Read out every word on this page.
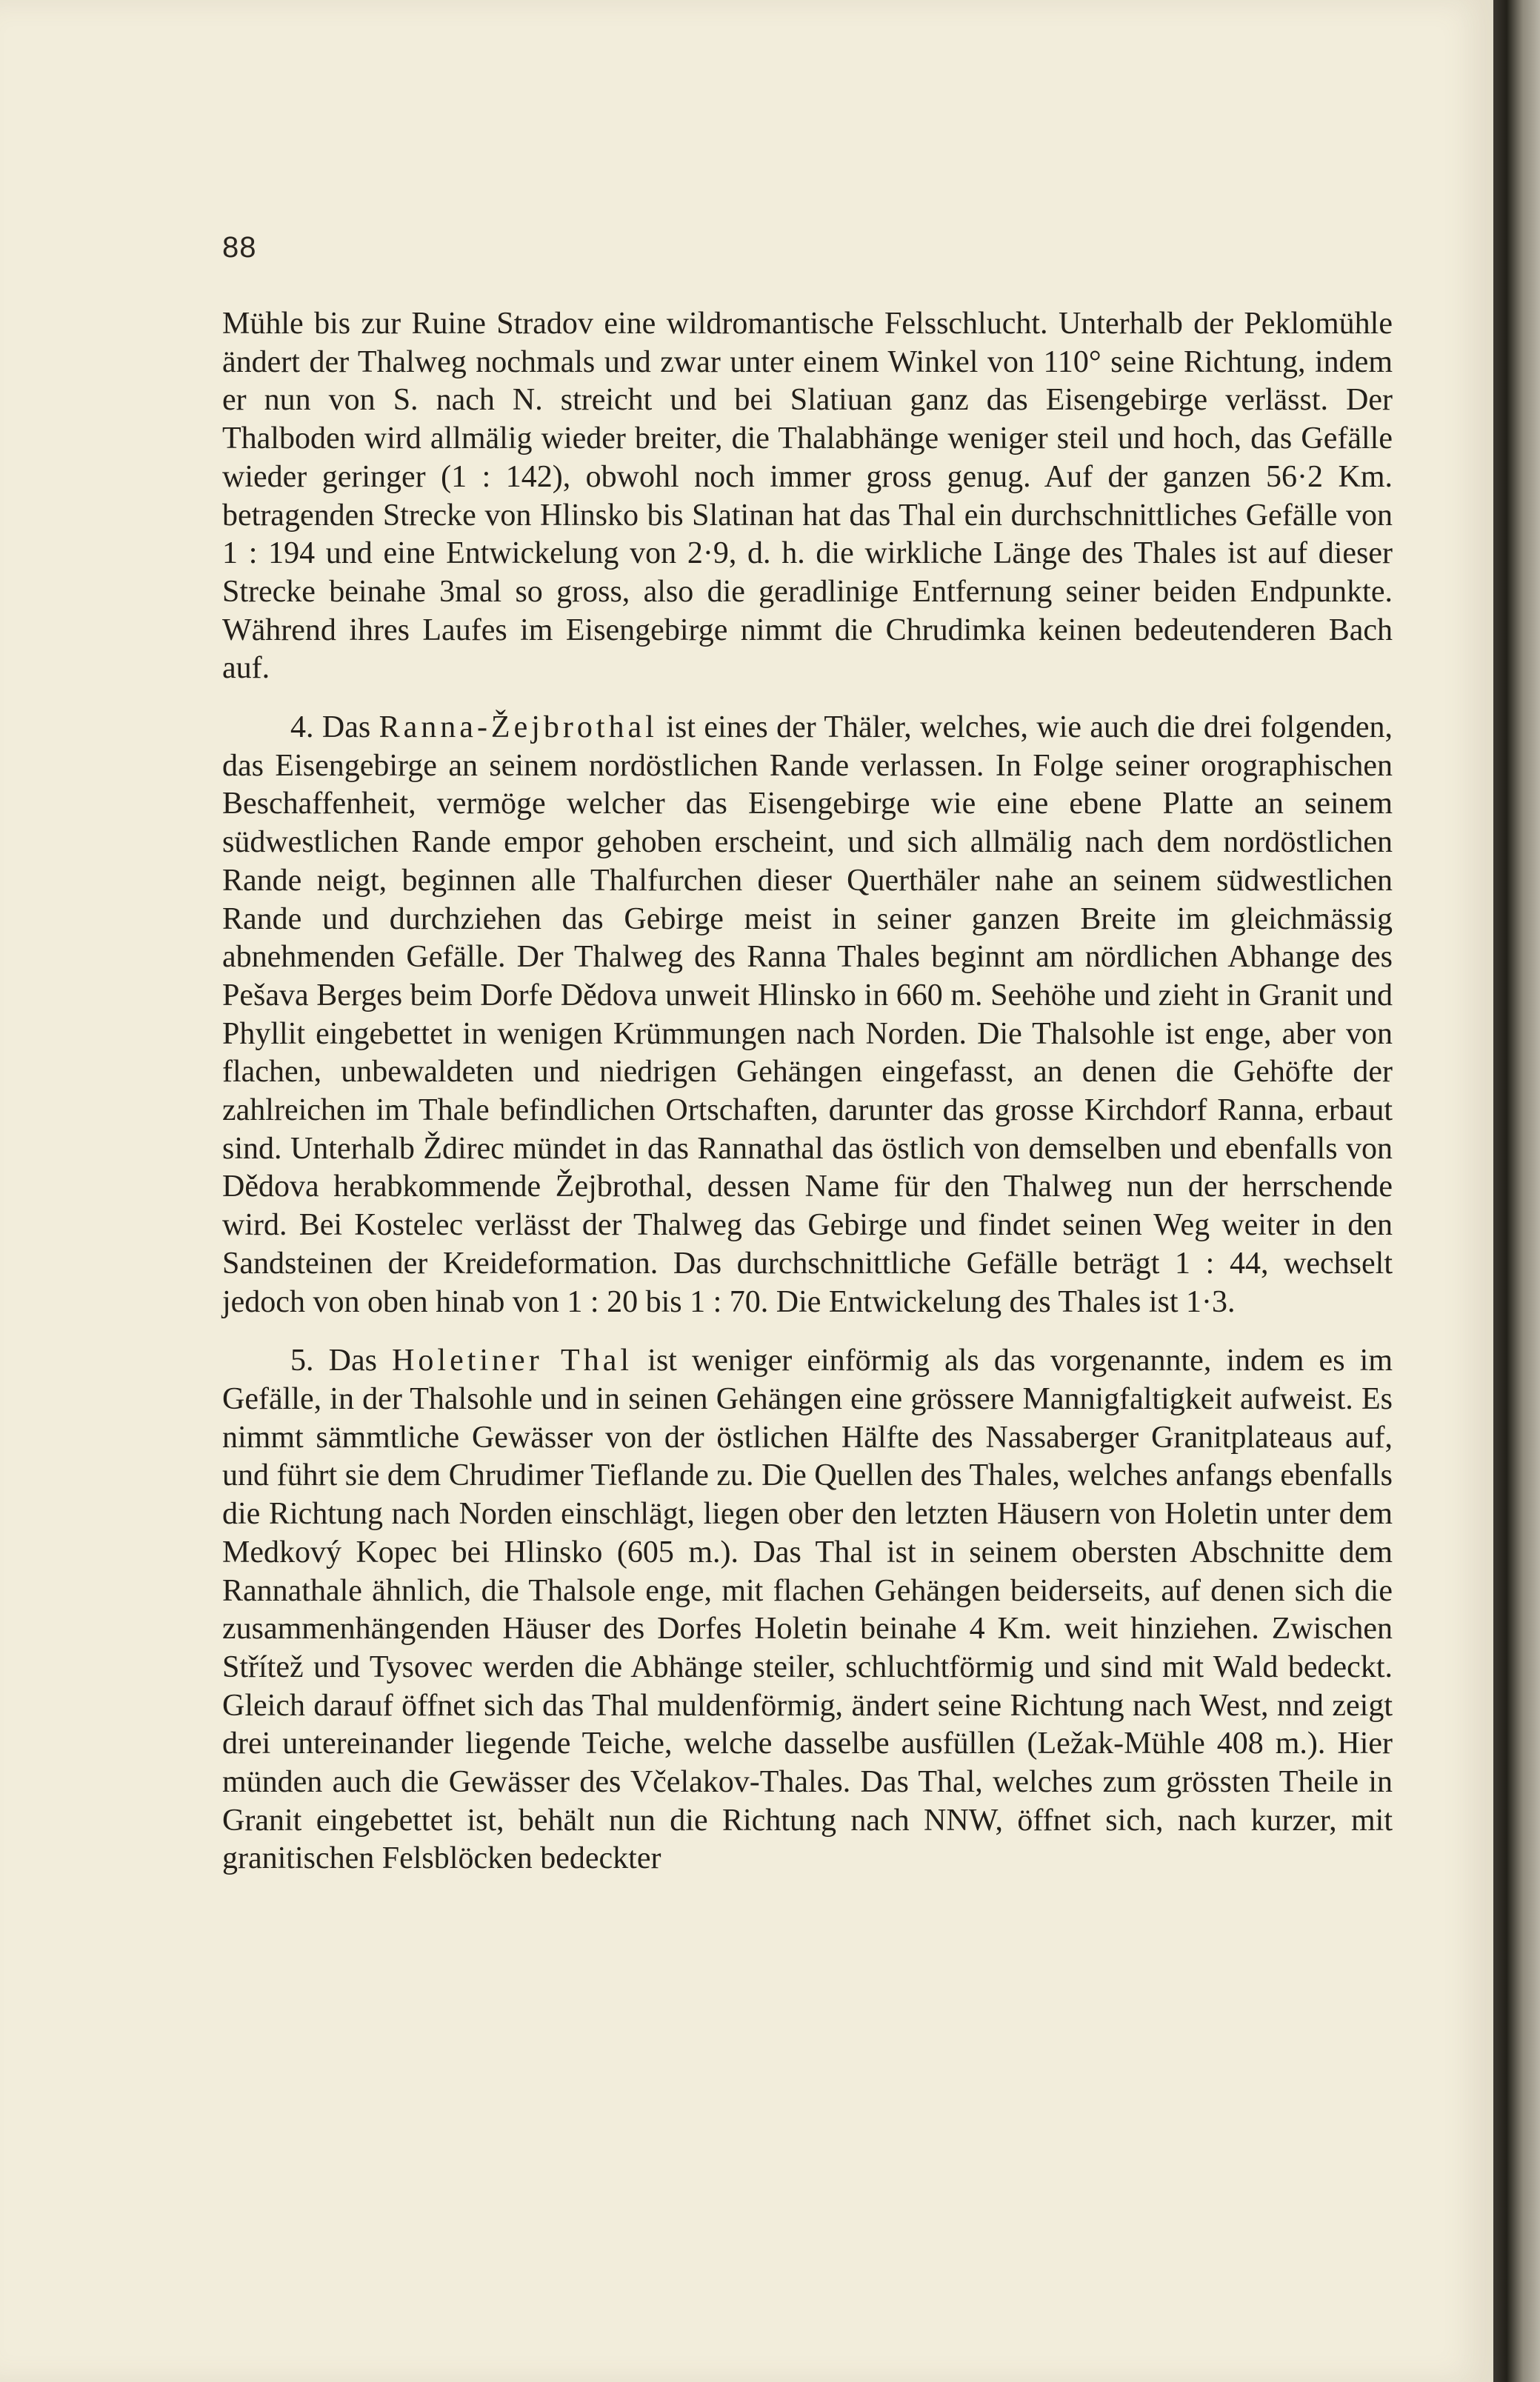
88

Mühle bis zur Ruine Stradov eine wildromantische Felsschlucht. Unterhalb der Peklomühle ändert der Thalweg nochmals und zwar unter einem Winkel von 110° seine Richtung, indem er nun von S. nach N. streicht und bei Slatiuan ganz das Eisengebirge verlässt. Der Thalboden wird allmälig wieder breiter, die Thalabhänge weniger steil und hoch, das Gefälle wieder geringer (1 : 142), obwohl noch immer gross genug. Auf der ganzen 56·2 Km. betragenden Strecke von Hlinsko bis Slatinan hat das Thal ein durchschnittliches Gefälle von 1 : 194 und eine Entwickelung von 2·9, d. h. die wirkliche Länge des Thales ist auf dieser Strecke beinahe 3mal so gross, also die geradlinige Entfernung seiner beiden Endpunkte. Während ihres Laufes im Eisengebirge nimmt die Chrudimka keinen bedeutenderen Bach auf.

4. Das Ranna-Žejbrothal ist eines der Thäler, welches, wie auch die drei folgenden, das Eisengebirge an seinem nordöstlichen Rande verlassen. In Folge seiner orographischen Beschaffenheit, vermöge welcher das Eisengebirge wie eine ebene Platte an seinem südwestlichen Rande empor gehoben erscheint, und sich allmälig nach dem nordöstlichen Rande neigt, beginnen alle Thalfurchen dieser Querthäler nahe an seinem südwestlichen Rande und durchziehen das Gebirge meist in seiner ganzen Breite im gleichmässig abnehmenden Gefälle. Der Thalweg des Ranna Thales beginnt am nördlichen Abhange des Pešava Berges beim Dorfe Dědova unweit Hlinsko in 660 m. Seehöhe und zieht in Granit und Phyllit eingebettet in wenigen Krümmungen nach Norden. Die Thalsohle ist enge, aber von flachen, unbewaldeten und niedrigen Gehängen eingefasst, an denen die Gehöfte der zahlreichen im Thale befindlichen Ortschaften, darunter das grosse Kirchdorf Ranna, erbaut sind. Unterhalb Ždirec mündet in das Rannathal das östlich von demselben und ebenfalls von Dědova herabkommende Žejbrothal, dessen Name für den Thalweg nun der herrschende wird. Bei Kostelec verlässt der Thalweg das Gebirge und findet seinen Weg weiter in den Sandsteinen der Kreideformation. Das durchschnittliche Gefälle beträgt 1 : 44, wechselt jedoch von oben hinab von 1 : 20 bis 1 : 70. Die Entwickelung des Thales ist 1·3.

5. Das Holetiner Thal ist weniger einförmig als das vorgenannte, indem es im Gefälle, in der Thalsohle und in seinen Gehängen eine grössere Mannigfaltigkeit aufweist. Es nimmt sämmtliche Gewässer von der östlichen Hälfte des Nassaberger Granitplateaus auf, und führt sie dem Chrudimer Tieflande zu. Die Quellen des Thales, welches anfangs ebenfalls die Richtung nach Norden einschlägt, liegen ober den letzten Häusern von Holetin unter dem Medkový Kopec bei Hlinsko (605 m.). Das Thal ist in seinem obersten Abschnitte dem Rannathale ähnlich, die Thalsole enge, mit flachen Gehängen beiderseits, auf denen sich die zusammenhängenden Häuser des Dorfes Holetin beinahe 4 Km. weit hinziehen. Zwischen Střítež und Tysovec werden die Abhänge steiler, schluchtförmig und sind mit Wald bedeckt. Gleich darauf öffnet sich das Thal muldenförmig, ändert seine Richtung nach West, nnd zeigt drei untereinander liegende Teiche, welche dasselbe ausfüllen (Ležak-Mühle 408 m.). Hier münden auch die Gewässer des Včelakov-Thales. Das Thal, welches zum grössten Theile in Granit eingebettet ist, behält nun die Richtung nach NNW, öffnet sich, nach kurzer, mit granitischen Felsblöcken bedeckter
